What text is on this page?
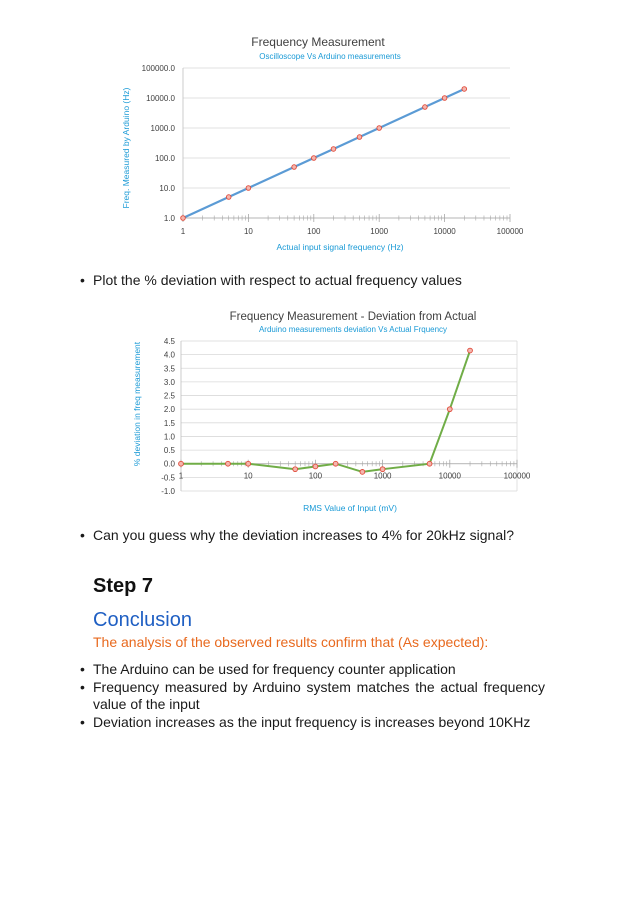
Frequency Measurement
Oscilloscope Vs Arduino measurements
1.0
10.0
100.0
1000.0
10000.0
100000.0
1	10	100	1000	10000	100000
Actual input signal frequency (Hz)
Freq. Measured by Arduino (Hz)
• Plot the % deviation with respect to actual frequency values
Frequency Measurement - Deviation from Actual
Arduino measurements deviation Vs Actual Frquency
-1.0
-0.5
0.0
0.5
1.0
1.5
2.0
2.5
3.0
3.5
4.0
4.5
1	10	100	1000	10000	100000
RMS Value of Input (mV)
% deviation in freq measurement
• Can you guess why the deviation increases to 4% for 20kHz signal?
Step 7
Conclusion
The analysis of the observed results confirm that (As expected):
• The Arduino can be used for frequency counter application
• Frequency measured by Arduino system matches the actual frequency value of the input
• Deviation increases as the input frequency is increases beyond 10KHz
